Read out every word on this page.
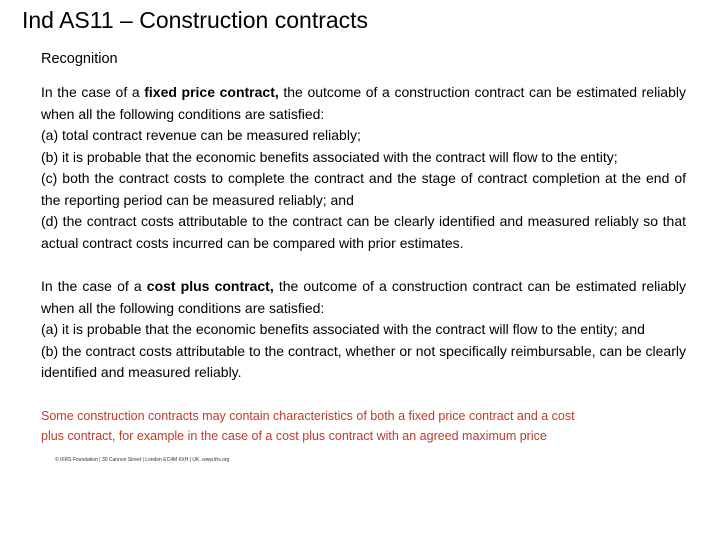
Ind AS11 – Construction contracts
Recognition

In the case of a fixed price contract, the outcome of a construction contract can be estimated reliably when all the following conditions are satisfied:
(a) total contract revenue can be measured reliably;
(b) it is probable that the economic benefits associated with the contract will flow to the entity;
(c) both the contract costs to complete the contract and the stage of contract completion at the end of the reporting period can be measured reliably; and
(d) the contract costs attributable to the contract can be clearly identified and measured reliably so that actual contract costs incurred can be compared with prior estimates.

In the case of a cost plus contract, the outcome of a construction contract can be estimated reliably when all the following conditions are satisfied:
(a) it is probable that the economic benefits associated with the contract will flow to the entity; and
(b) the contract costs attributable to the contract, whether or not specifically reimbursable, can be clearly identified and measured reliably.

Some construction contracts may contain characteristics of both a fixed price contract and a cost
plus contract, for example in the case of a cost plus contract with an agreed maximum price
© IFRS Foundation | 30 Cannon Street | London EC4M 6XH | UK. www.ifrs.org
